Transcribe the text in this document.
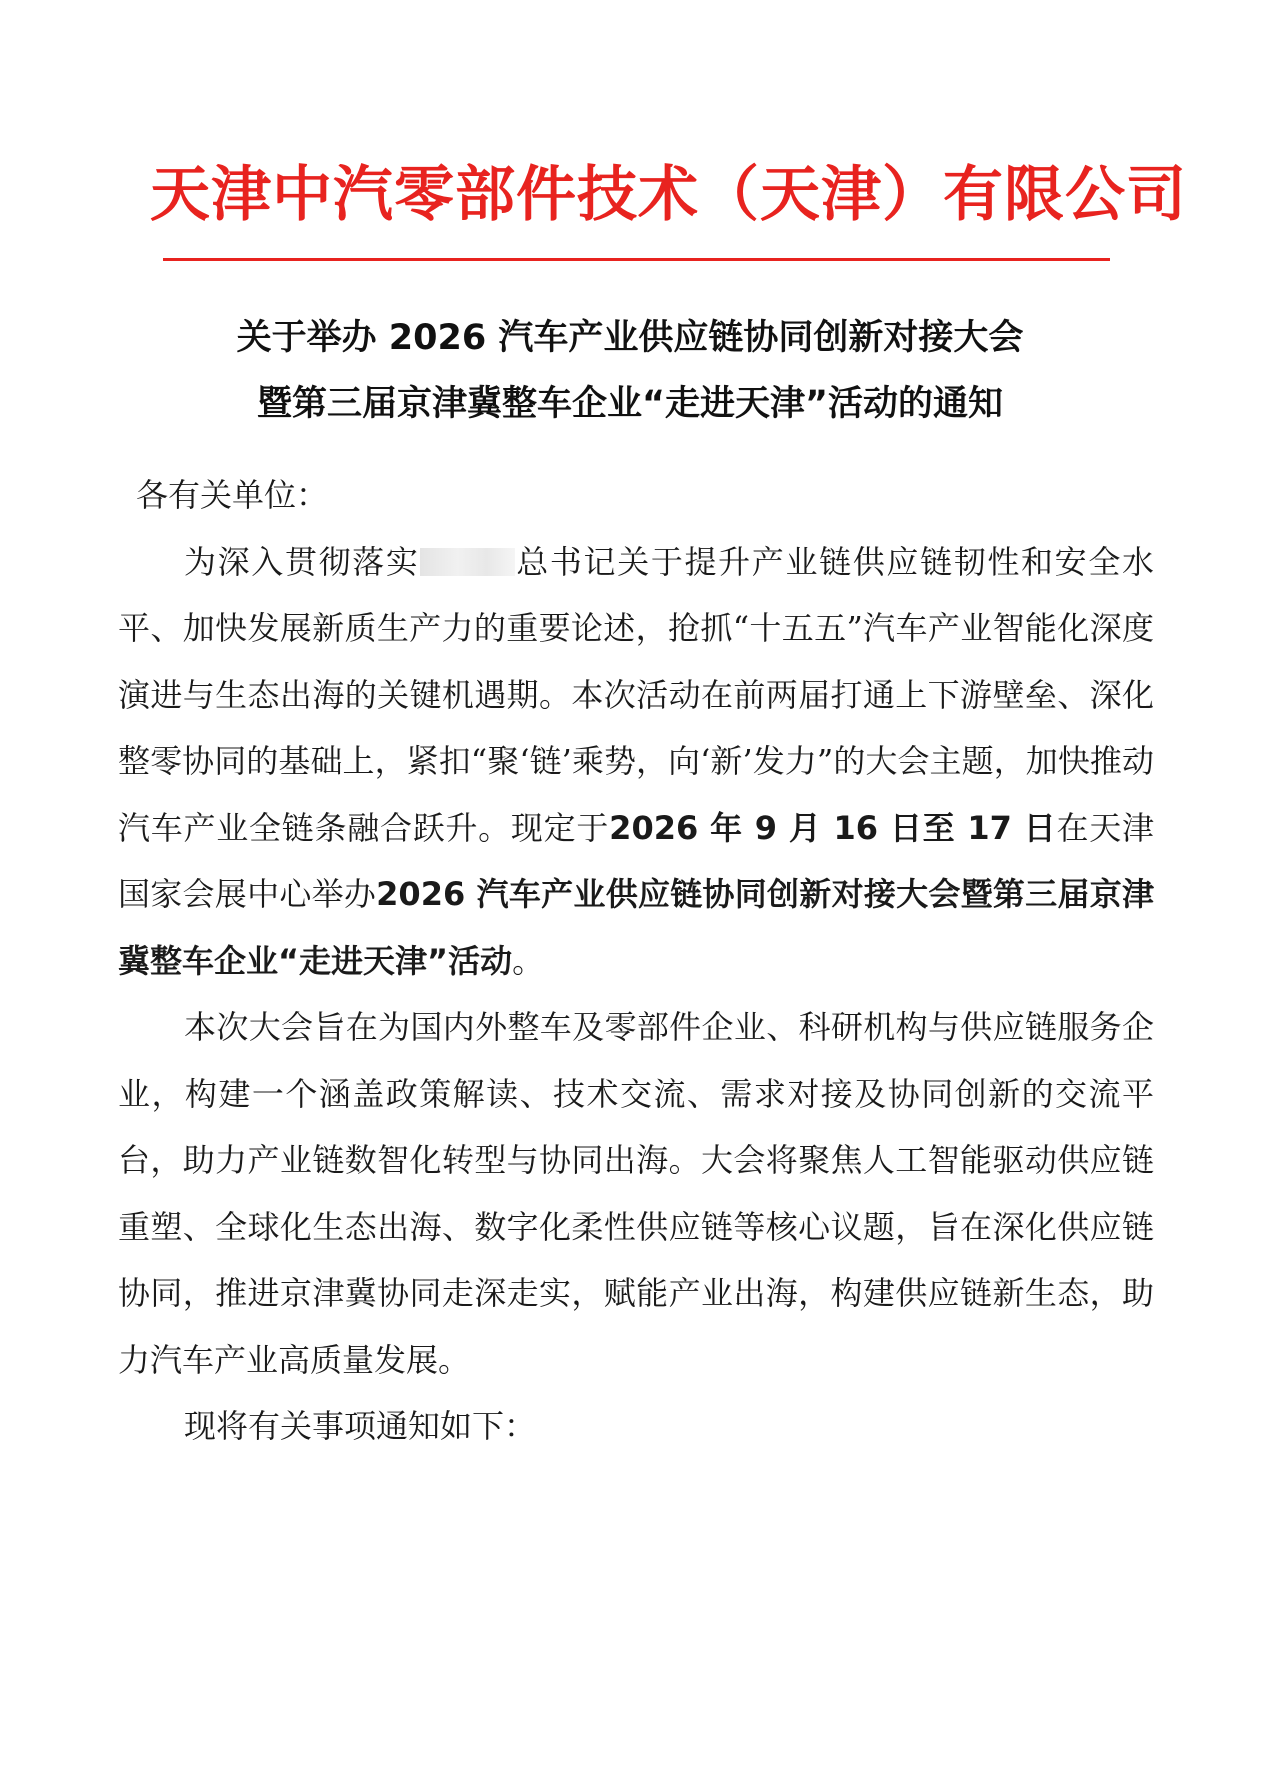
天津中汽零部件技术（天津）有限公司
关于举办 2026 汽车产业供应链协同创新对接大会
暨第三届京津冀整车企业“走进天津”活动的通知

各有关单位：

为深入贯彻落实	总书记关于提升产业链供应链韧性和安全水平、加快发展新质生产力的重要论述，抢抓“十五五”汽车产业智能化深度演进与生态出海的关键机遇期。本次活动在前两届打通上下游壁垒、深化整零协同的基础上，紧扣“聚‘链’乘势，向‘新’发力”的大会主题，加快推动汽车产业全链条融合跃升。现定于2026 年 9 月 16 日至 17 日在天津国家会展中心举办2026 汽车产业供应链协同创新对接大会暨第三届京津冀整车企业“走进天津”活动。

本次大会旨在为国内外整车及零部件企业、科研机构与供应链服务企业，构建一个涵盖政策解读、技术交流、需求对接及协同创新的交流平台，助力产业链数智化转型与协同出海。大会将聚焦人工智能驱动供应链重塑、全球化生态出海、数字化柔性供应链等核心议题，旨在深化供应链协同，推进京津冀协同走深走实，赋能产业出海，构建供应链新生态，助力汽车产业高质量发展。

现将有关事项通知如下：
